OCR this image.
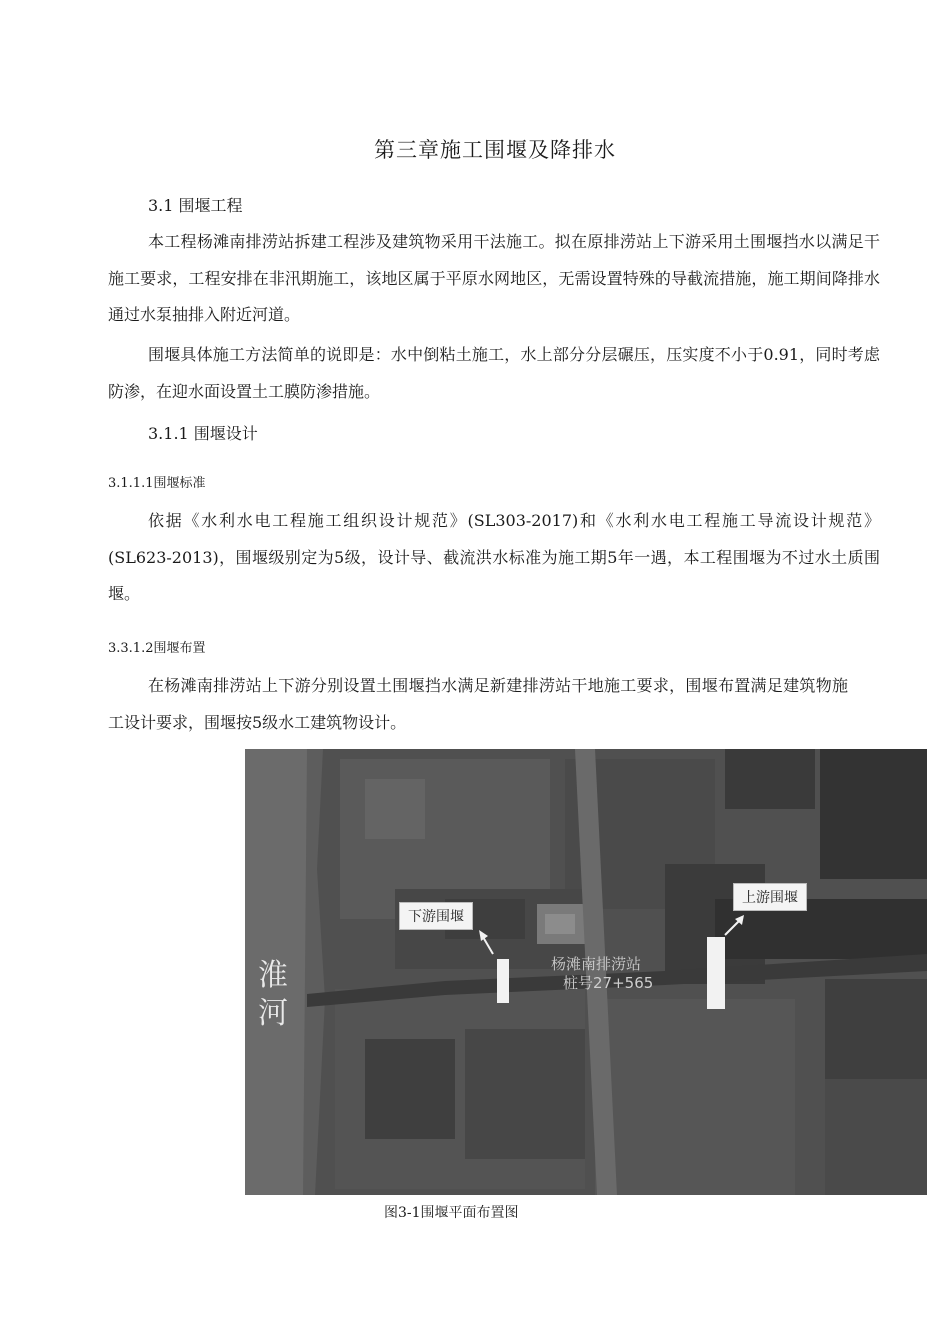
第三章施工围堰及降排水
3.1 围堰工程
本工程杨滩南排涝站拆建工程涉及建筑物采用干法施工。拟在原排涝站上下游采用土围堰挡水以满足干施工要求，工程安排在非汛期施工，该地区属于平原水网地区，无需设置特殊的导截流措施，施工期间降排水通过水泵抽排入附近河道。
围堰具体施工方法简单的说即是：水中倒粘土施工，水上部分分层碾压，压实度不小于0.91，同时考虑防渗，在迎水面设置土工膜防渗措施。
3.1.1 围堰设计
3.1.1.1围堰标准
依据《水利水电工程施工组织设计规范》(SL303-2017)和《水利水电工程施工导流设计规范》(SL623-2013)，围堰级别定为5级，设计导、截流洪水标准为施工期5年一遇，本工程围堰为不过水土质围堰。
3.3.1.2围堰布置
在杨滩南排涝站上下游分别设置土围堰挡水满足新建排涝站干地施工要求，围堰布置满足建筑物施工设计要求，围堰按5级水工建筑物设计。
下游围堰
上游围堰
淮
河
杨滩南排涝站
桩号27+565
图3-1围堰平面布置图
